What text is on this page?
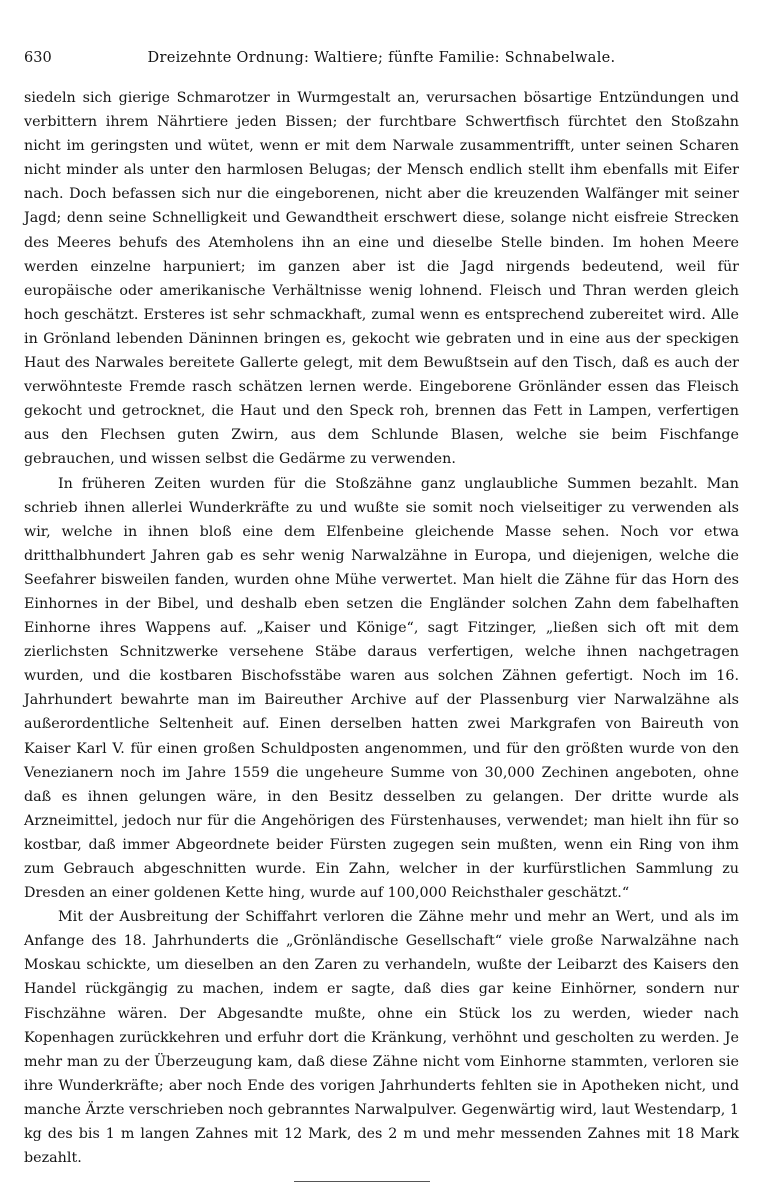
630	Dreizehnte Ordnung: Waltiere; fünfte Familie: Schnabelwale.

siedeln sich gierige Schmarotzer in Wurmgestalt an, verursachen bösartige Entzündungen und verbittern ihrem Nährtiere jeden Bissen; der furchtbare Schwertfisch fürchtet den Stoßzahn nicht im geringsten und wütet, wenn er mit dem Narwale zusammentrifft, unter seinen Scharen nicht minder als unter den harmlosen Belugas; der Mensch endlich stellt ihm ebenfalls mit Eifer nach. Doch befassen sich nur die eingeborenen, nicht aber die kreuzenden Walfänger mit seiner Jagd; denn seine Schnelligkeit und Gewandtheit erschwert diese, solange nicht eisfreie Strecken des Meeres behufs des Atemholens ihn an eine und dieselbe Stelle binden. Im hohen Meere werden einzelne harpuniert; im ganzen aber ist die Jagd nirgends bedeutend, weil für europäische oder amerikanische Verhältnisse wenig lohnend. Fleisch und Thran werden gleich hoch geschätzt. Ersteres ist sehr schmackhaft, zumal wenn es entsprechend zubereitet wird. Alle in Grönland lebenden Däninnen bringen es, gekocht wie gebraten und in eine aus der speckigen Haut des Narwales bereitete Gallerte gelegt, mit dem Bewußtsein auf den Tisch, daß es auch der verwöhnteste Fremde rasch schätzen lernen werde. Eingeborene Grönländer essen das Fleisch gekocht und getrocknet, die Haut und den Speck roh, brennen das Fett in Lampen, verfertigen aus den Flechsen guten Zwirn, aus dem Schlunde Blasen, welche sie beim Fischfange gebrauchen, und wissen selbst die Gedärme zu verwenden.

In früheren Zeiten wurden für die Stoßzähne ganz unglaubliche Summen bezahlt. Man schrieb ihnen allerlei Wunderkräfte zu und wußte sie somit noch vielseitiger zu verwenden als wir, welche in ihnen bloß eine dem Elfenbeine gleichende Masse sehen. Noch vor etwa dritthalbhundert Jahren gab es sehr wenig Narwalzähne in Europa, und diejenigen, welche die Seefahrer bisweilen fanden, wurden ohne Mühe verwertet. Man hielt die Zähne für das Horn des Einhornes in der Bibel, und deshalb eben setzen die Engländer solchen Zahn dem fabelhaften Einhorne ihres Wappens auf. „Kaiser und Könige“, sagt Fitzinger, „ließen sich oft mit dem zierlichsten Schnitzwerke versehene Stäbe daraus verfertigen, welche ihnen nachgetragen wurden, und die kostbaren Bischofsstäbe waren aus solchen Zähnen gefertigt. Noch im 16. Jahrhundert bewahrte man im Baireuther Archive auf der Plassenburg vier Narwalzähne als außerordentliche Seltenheit auf. Einen derselben hatten zwei Markgrafen von Baireuth von Kaiser Karl V. für einen großen Schuldposten angenommen, und für den größten wurde von den Venezianern noch im Jahre 1559 die ungeheure Summe von 30,000 Zechinen angeboten, ohne daß es ihnen gelungen wäre, in den Besitz desselben zu gelangen. Der dritte wurde als Arzneimittel, jedoch nur für die Angehörigen des Fürstenhauses, verwendet; man hielt ihn für so kostbar, daß immer Abgeordnete beider Fürsten zugegen sein mußten, wenn ein Ring von ihm zum Gebrauch abgeschnitten wurde. Ein Zahn, welcher in der kurfürstlichen Sammlung zu Dresden an einer goldenen Kette hing, wurde auf 100,000 Reichsthaler geschätzt.“

Mit der Ausbreitung der Schiffahrt verloren die Zähne mehr und mehr an Wert, und als im Anfange des 18. Jahrhunderts die „Grönländische Gesellschaft“ viele große Narwalzähne nach Moskau schickte, um dieselben an den Zaren zu verhandeln, wußte der Leibarzt des Kaisers den Handel rückgängig zu machen, indem er sagte, daß dies gar keine Einhörner, sondern nur Fischzähne wären. Der Abgesandte mußte, ohne ein Stück los zu werden, wieder nach Kopenhagen zurückkehren und erfuhr dort die Kränkung, verhöhnt und gescholten zu werden. Je mehr man zu der Überzeugung kam, daß diese Zähne nicht vom Einhorne stammten, verloren sie ihre Wunderkräfte; aber noch Ende des vorigen Jahrhunderts fehlten sie in Apotheken nicht, und manche Ärzte verschrieben noch gebranntes Narwalpulver. Gegenwärtig wird, laut Westendarp, 1 kg des bis 1 m langen Zahnes mit 12 Mark, des 2 m und mehr messenden Zahnes mit 18 Mark bezahlt.
